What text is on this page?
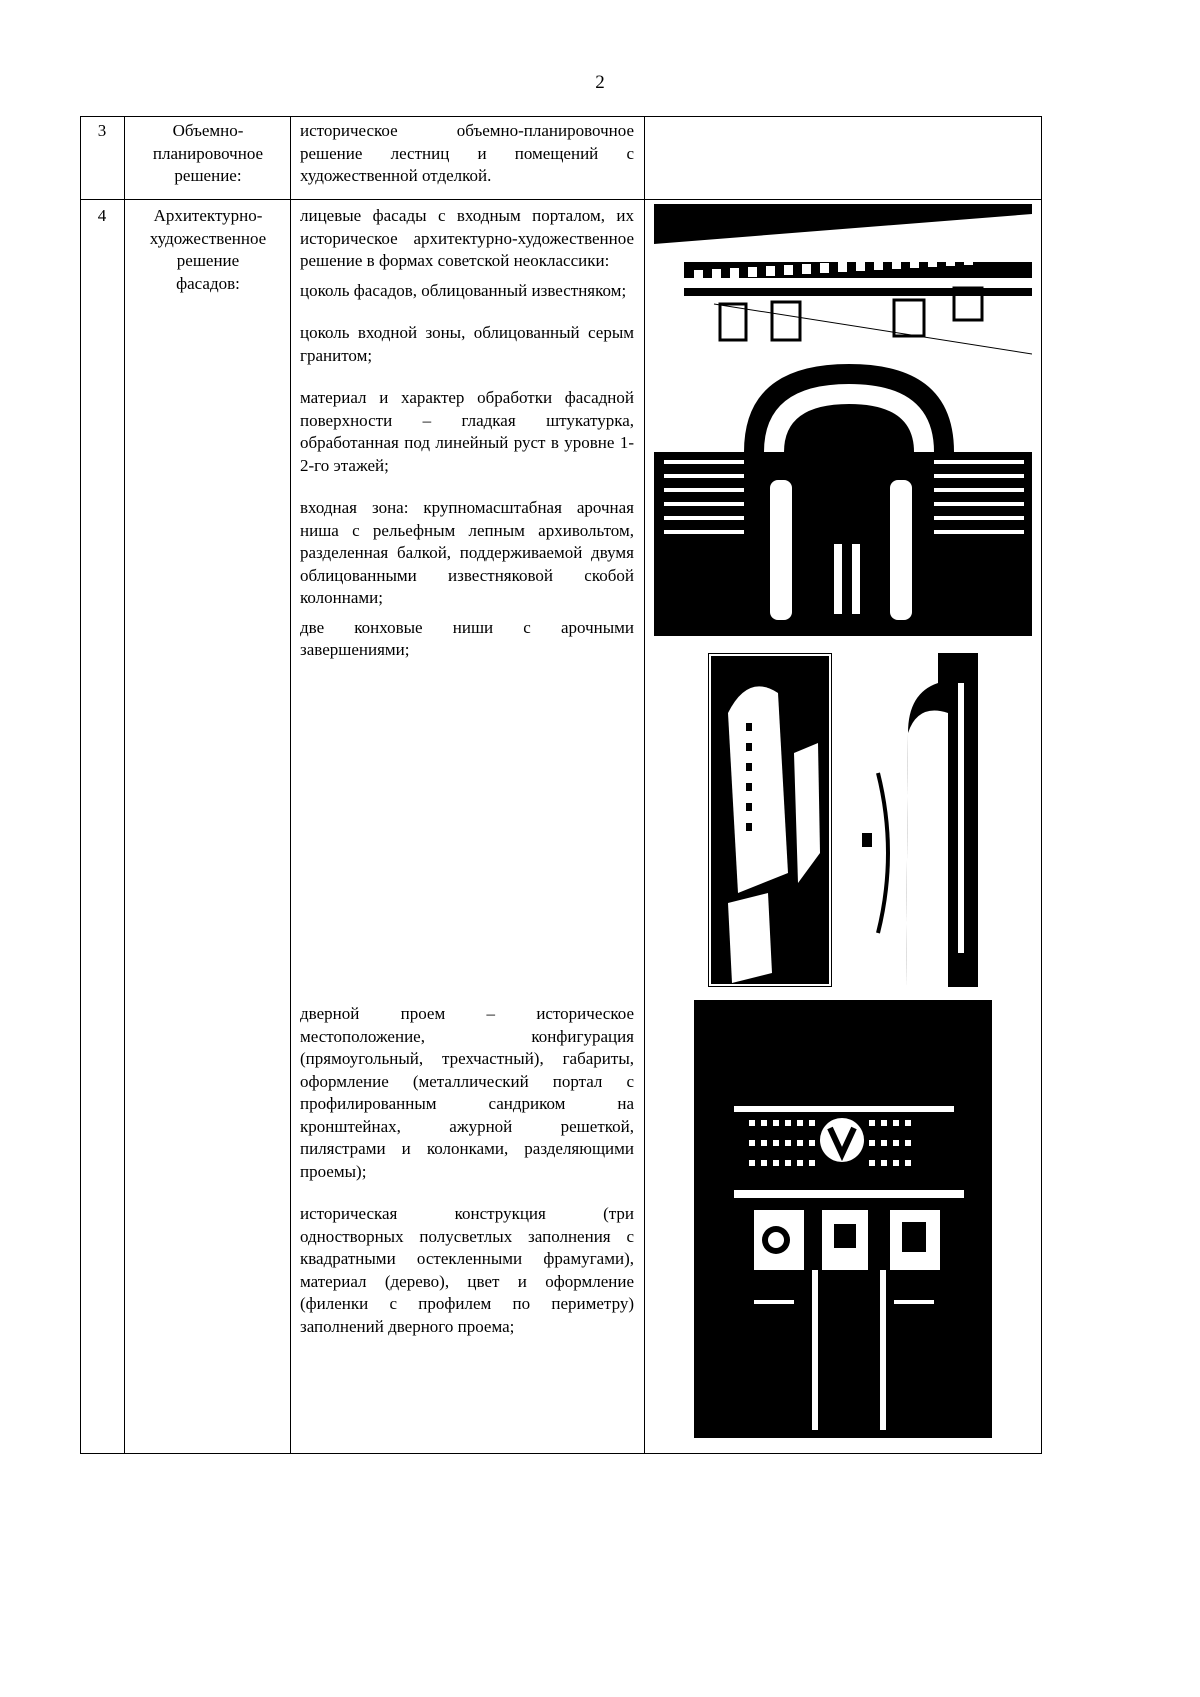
2
3	Объемно-
планировочное
решение:

историческое объемно-планировочное решение лестниц и помещений с художественной отделкой.

4	Архитектурно-
художественное
решение
фасадов:

лицевые фасады с входным порталом, их историческое архитектурно-художественное решение в формах советской неоклассики:

цоколь фасадов, облицованный известняком;

цоколь входной зоны, облицованный серым гранитом;

материал и характер обработки фасадной поверхности – гладкая штукатурка, обработанная под линейный руст в уровне 1-2-го этажей;

входная зона: крупномасштабная арочная ниша с рельефным лепным архивольтом, разделенная балкой, поддерживаемой двумя облицованными известняковой скобой колоннами;

две конховые ниши с арочными завершениями;

дверной проем – историческое местоположение, конфигурация (прямоугольный, трехчастный), габариты, оформление (металлический портал с профилированным сандриком на кронштейнах, ажурной решеткой, пилястрами и колонками, разделяющими проемы);

историческая конструкция (три одностворных полусветлых заполнения с квадратными остекленными фрамугами), материал (дерево), цвет и оформление (филенки с профилем по периметру) заполнений дверного проема;
